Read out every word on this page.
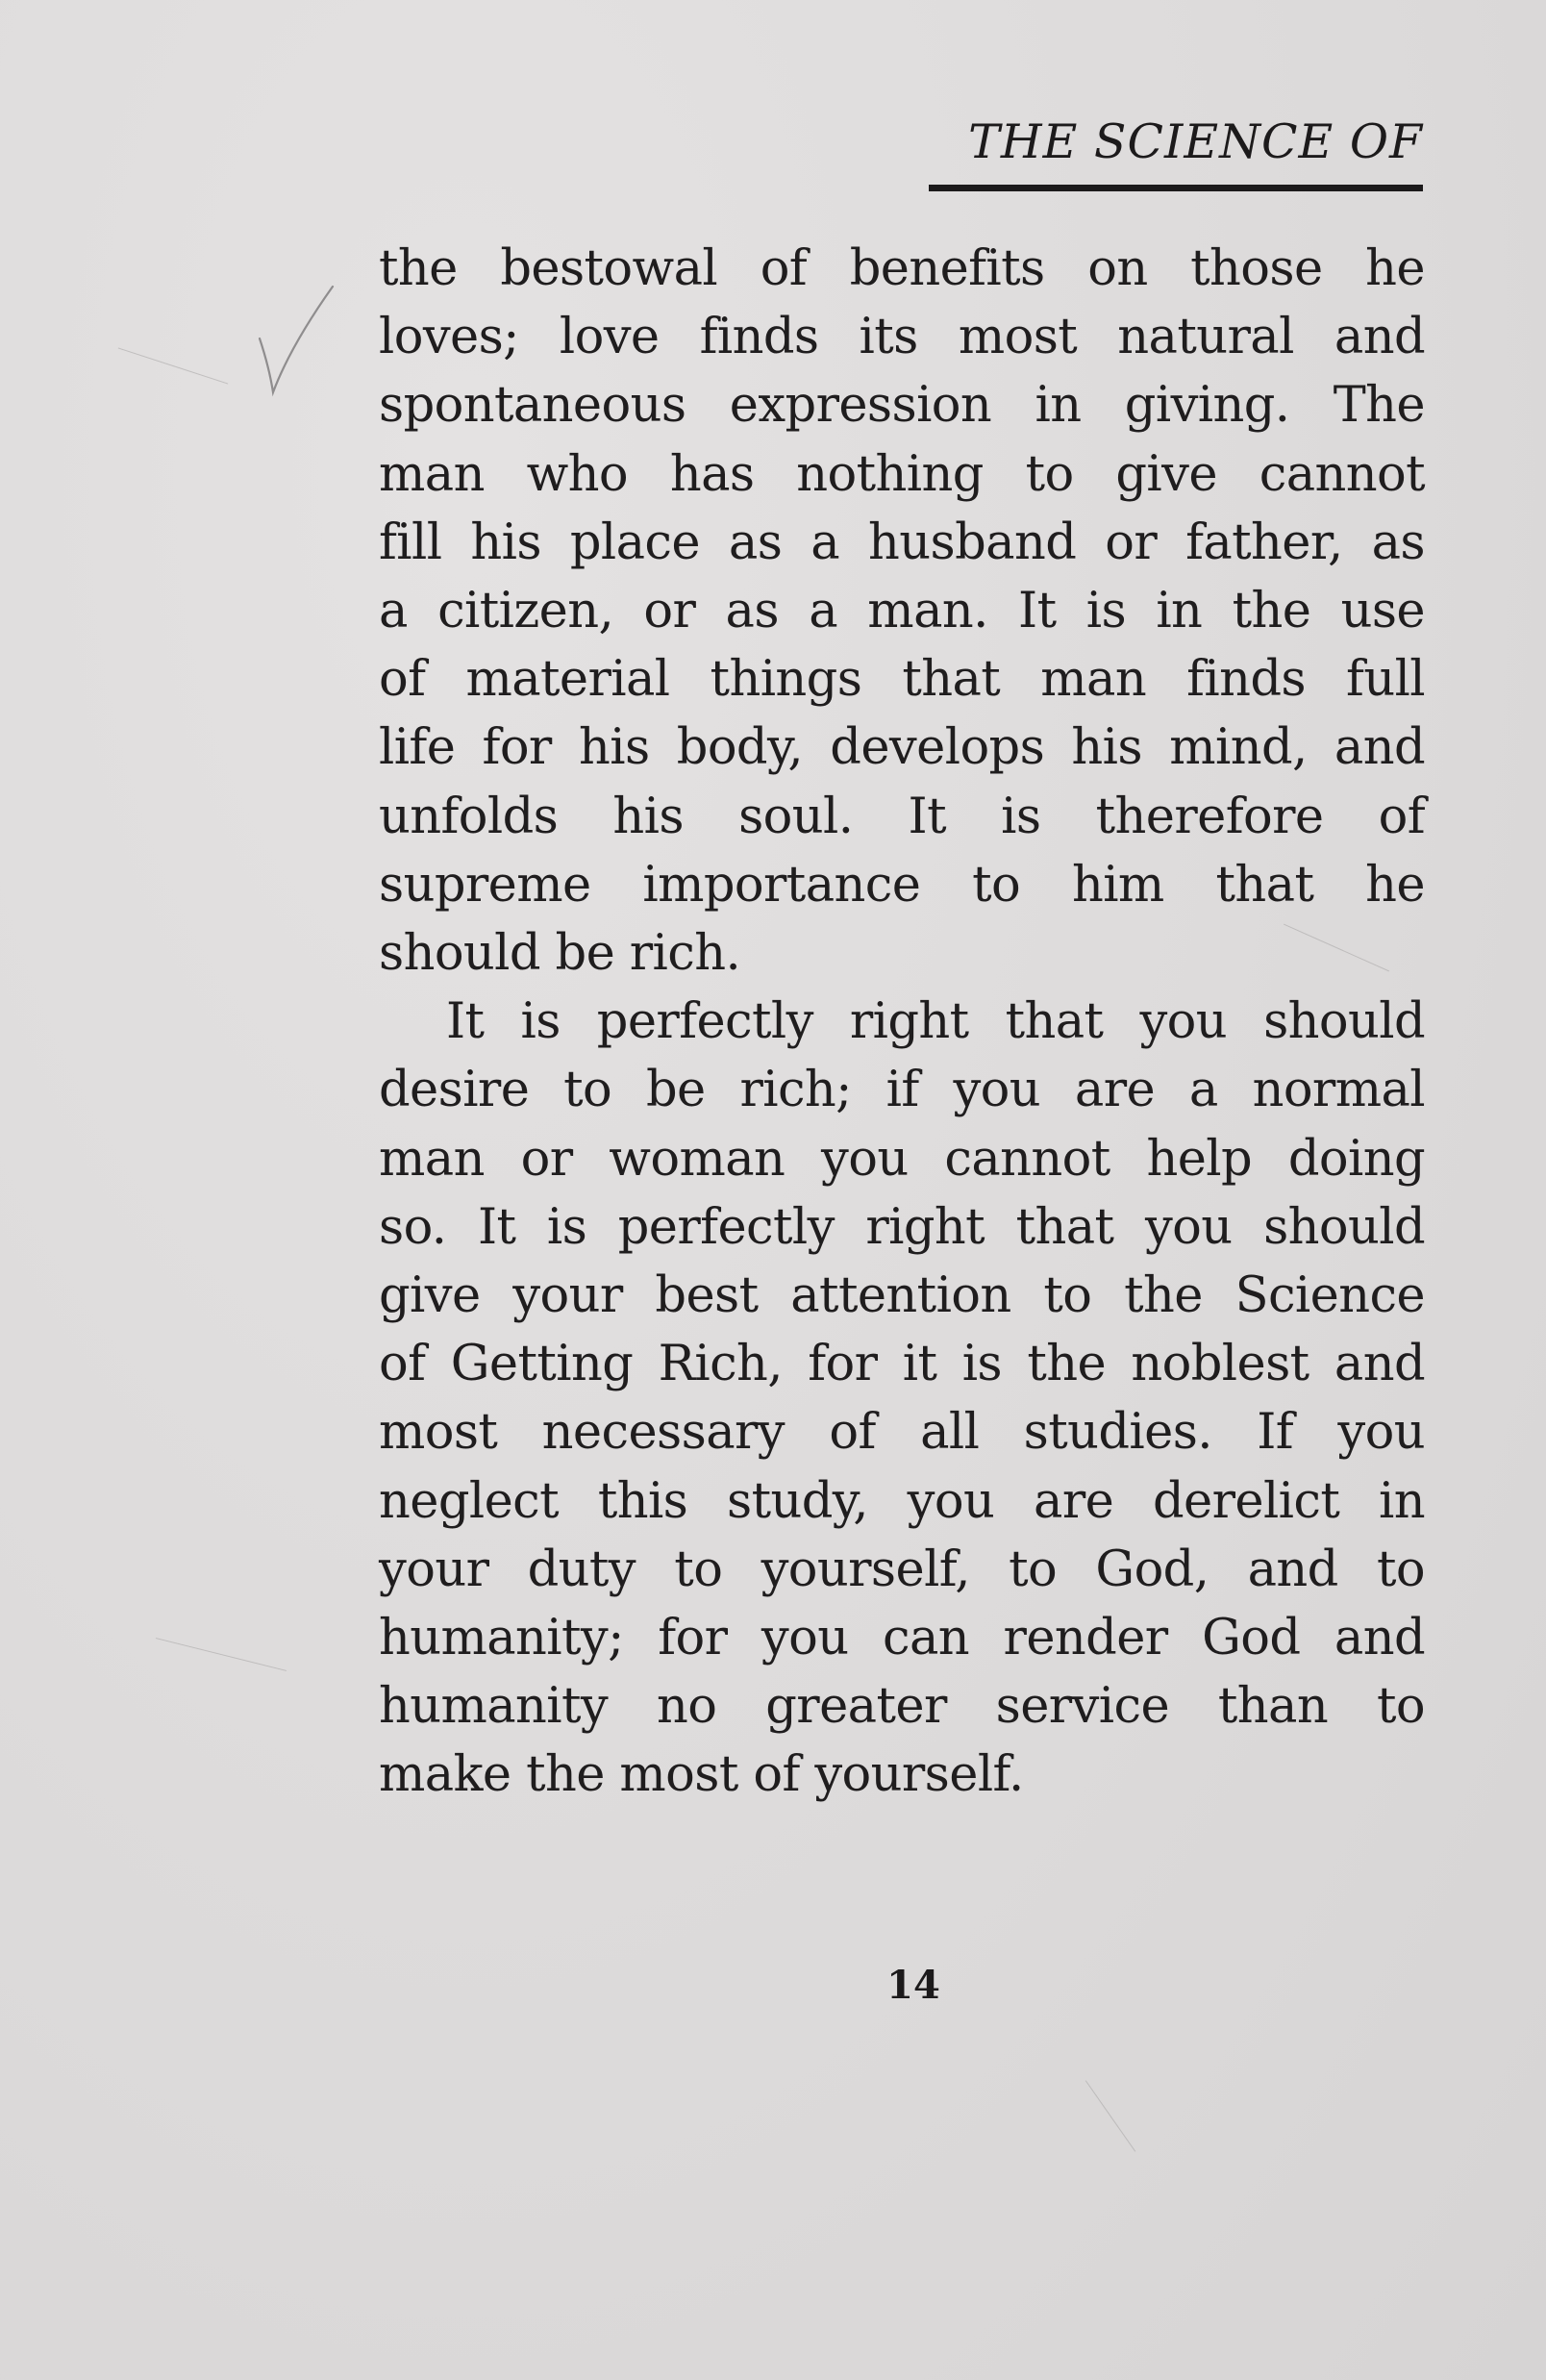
THE SCIENCE OF

the bestowal of benefits on those he
loves; love finds its most natural and
spontaneous expression in giving. The
man who has nothing to give cannot
fill his place as a husband or father, as
a citizen, or as a man. It is in the use
of material things that man finds full
life for his body, develops his mind, and
unfolds his soul. It is therefore of
supreme importance to him that he
should be rich.

It is perfectly right that you should
desire to be rich; if you are a normal
man or woman you cannot help doing
so. It is perfectly right that you should
give your best attention to the Science
of Getting Rich, for it is the noblest and
most necessary of all studies. If you
neglect this study, you are derelict in
your duty to yourself, to God, and to
humanity; for you can render God and
humanity no greater service than to
make the most of yourself.

14
